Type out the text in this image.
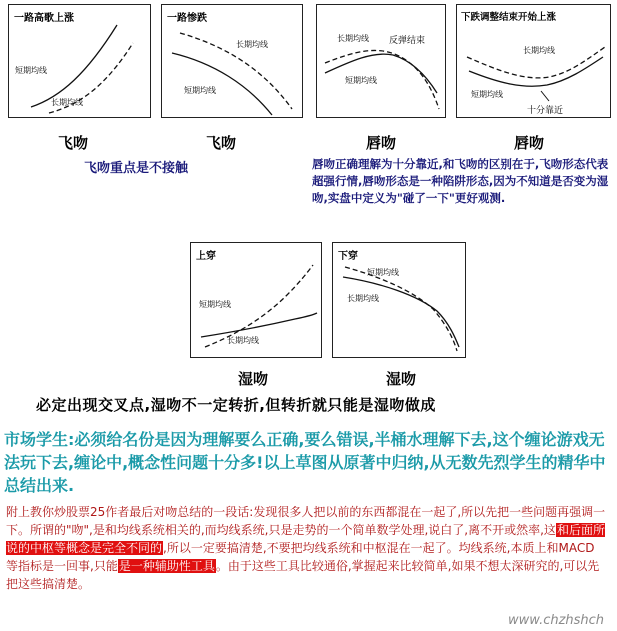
一路高歌上涨
短期均线
长期均线
一路惨跌
长期均线
短期均线
长期均线 反弹结束
短期均线
下跌调整结束开始上涨
长期均线
短期均线
十分靠近
飞吻	飞吻	唇吻	唇吻
飞吻重点是不接触	唇吻正确理解为十分靠近,和飞吻的区别在于,飞吻形态代表超强行情,唇吻形态是一种陷阱形态,因为不知道是否变为湿吻,实盘中定义为"碰了一下"更好观测.
上穿
短期均线
长期均线
下穿
短期均线
长期均线
湿吻	湿吻
必定出现交叉点,湿吻不一定转折,但转折就只能是湿吻做成
市场学生:必须给名份是因为理解要么正确,要么错误,半桶水理解下去,这个缠论游戏无法玩下去,缠论中,概念性问题十分多!以上草图从原著中归纳,从无数先烈学生的精华中总结出来.
附上教你炒股票25作者最后对吻总结的一段话:发现很多人把以前的东西都混在一起了,所以先把一些问题再强调一下。所谓的"吻",是和均线系统相关的,而均线系统,只是走势的一个简单数学处理,说白了,离不开或然率,这和后面所说的中枢等概念是完全不同的,所以一定要搞清楚,不要把均线系统和中枢混在一起了。均线系统,本质上和MACD等指标是一回事,只能是一种辅助性工具。由于这些工具比较通俗,掌握起来比较简单,如果不想太深研究的,可以先把这些搞清楚。
www.chzhshch
